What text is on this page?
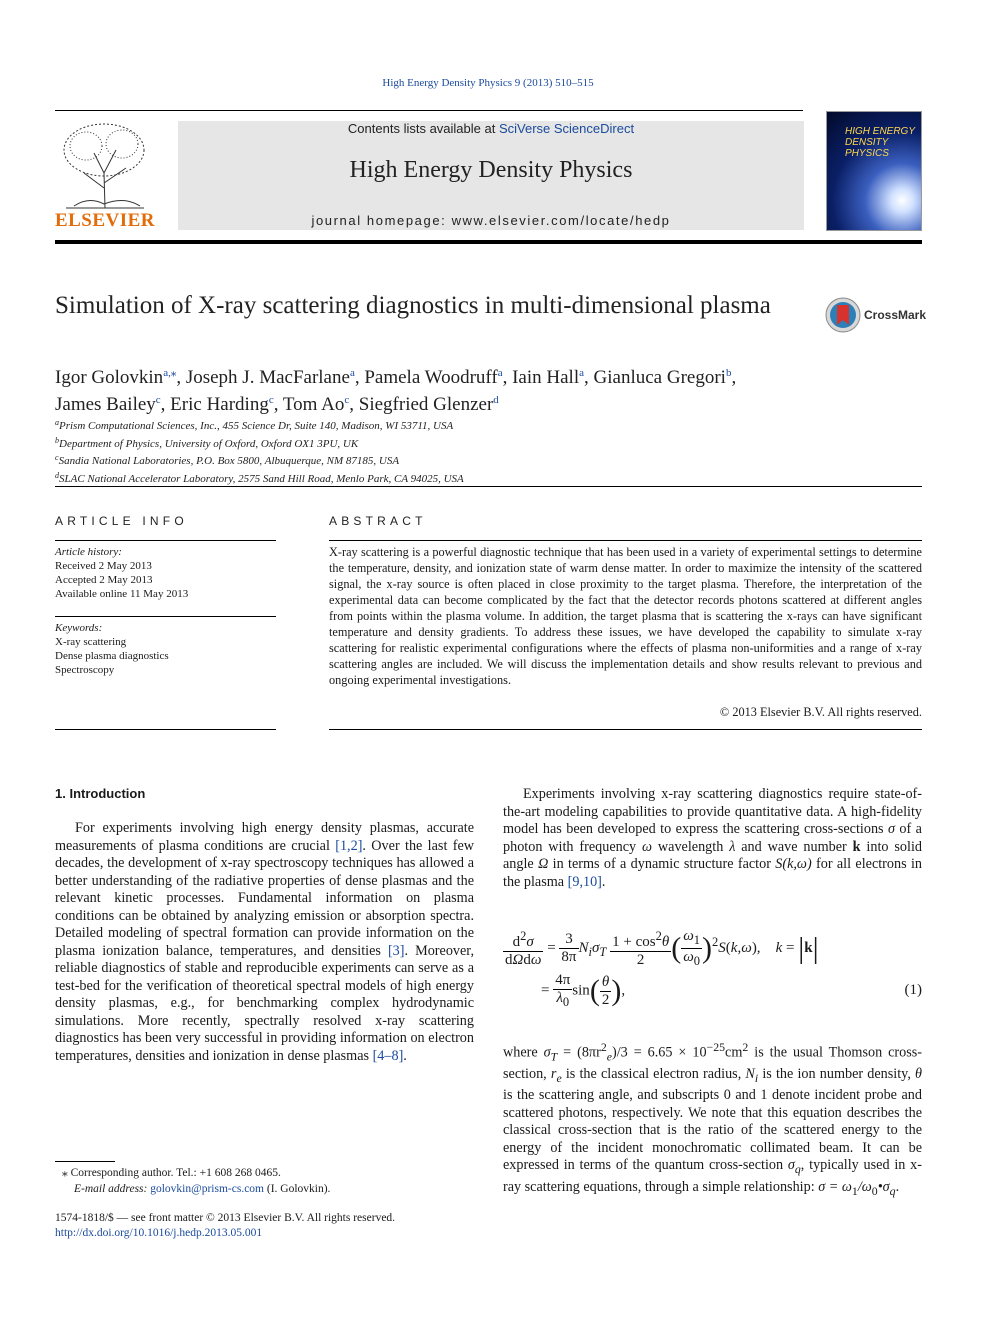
High Energy Density Physics 9 (2013) 510–515
ELSEVIER
Contents lists available at SciVerse ScienceDirect
High Energy Density Physics
journal homepage: www.elsevier.com/locate/hedp
HIGH ENERGY DENSITY PHYSICS
Simulation of X-ray scattering diagnostics in multi-dimensional plasma	CrossMark
Igor Golovkin$^{a,⁎}$, Joseph J. MacFarlane$^a$, Pamela Woodruff$^a$, Iain Hall$^a$, Gianluca Gregori$^b$,
James Bailey$^c$, Eric Harding$^c$, Tom Ao$^c$, Siegfried Glenzer$^d$
$^a$Prism Computational Sciences, Inc., 455 Science Dr, Suite 140, Madison, WI 53711, USA
$^b$Department of Physics, University of Oxford, Oxford OX1 3PU, UK
$^c$Sandia National Laboratories, P.O. Box 5800, Albuquerque, NM 87185, USA
$^d$SLAC National Accelerator Laboratory, 2575 Sand Hill Road, Menlo Park, CA 94025, USA
ARTICLE INFO
Article history:
Received 2 May 2013
Accepted 2 May 2013
Available online 11 May 2013
Keywords:
X-ray scattering
Dense plasma diagnostics
Spectroscopy
ABSTRACT
X-ray scattering is a powerful diagnostic technique that has been used in a variety of experimental settings to determine the temperature, density, and ionization state of warm dense matter. In order to maximize the intensity of the scattered signal, the x-ray source is often placed in close proximity to the target plasma. Therefore, the interpretation of the experimental data can become complicated by the fact that the detector records photons scattered at different angles from points within the plasma volume. In addition, the target plasma that is scattering the x-rays can have significant temperature and density gradients. To address these issues, we have developed the capability to simulate x-ray scattering for realistic experimental configurations where the effects of plasma non-uniformities and a range of x-ray scattering angles are included. We will discuss the implementation details and show results relevant to previous and ongoing experimental investigations.
© 2013 Elsevier B.V. All rights reserved.
1. Introduction
For experiments involving high energy density plasmas, accurate measurements of plasma conditions are crucial [1,2]. Over the last few decades, the development of x-ray spectroscopy techniques has allowed a better understanding of the radiative properties of dense plasmas and the relevant kinetic processes. Fundamental information on plasma conditions can be obtained by analyzing emission or absorption spectra. Detailed modeling of spectral formation can provide information on the plasma ionization balance, temperatures, and densities [3]. Moreover, reliable diagnostics of stable and reproducible experiments can serve as a test-bed for the verification of theoretical spectral models of high energy density plasmas, e.g., for benchmarking complex hydrodynamic simulations. More recently, spectrally resolved x-ray scattering diagnostics has been very successful in providing information on electron temperatures, densities and ionization in dense plasmas [4–8].
Experiments involving x-ray scattering diagnostics require state-of-the-art modeling capabilities to provide quantitative data. A high-fidelity model has been developed to express the scattering cross-sections σ of a photon with frequency ω wavelength λ and wave number k into solid angle Ω in terms of a dynamic structure factor S(k,ω) for all electrons in the plasma [9,10].
$\frac{d^2\sigma}{\text{dΩdω}} = \frac{3}{8\pi} N_i\sigma_T \frac{1 + \cos^2\theta}{2}$ ( $\frac{\omega_1}{\omega_0} )^2S(k,\omega)$,    k = |k|
= $\frac{4\pi}{\lambda_0} \sin( \frac{\theta}{2}$ ),	(1)
where $\sigma_T = (8\pi r^2_e)/3 = 6.65 \times 10^{-25}cm^2$ is the usual Thomson cross-section, $r_e$ is the classical electron radius, $N_i$ is the ion number density, θ is the scattering angle, and subscripts 0 and 1 denote incident probe and scattered photons, respectively. We note that this equation describes the classical cross-section that is the ratio of the scattered energy to the energy of the incident monochromatic collimated beam. It can be expressed in terms of the quantum cross-section $\sigma_q$, typically used in x-ray scattering equations, through a simple relationship: $\sigma = \omega_1/\omega_0•\sigma_q$.
⁎ Corresponding author. Tel.: +1 608 268 0465.
E-mail address: golovkin@prism-cs.com (I. Golovkin).
1574-1818/$ — see front matter © 2013 Elsevier B.V. All rights reserved.
http://dx.doi.org/10.1016/j.hedp.2013.05.001
